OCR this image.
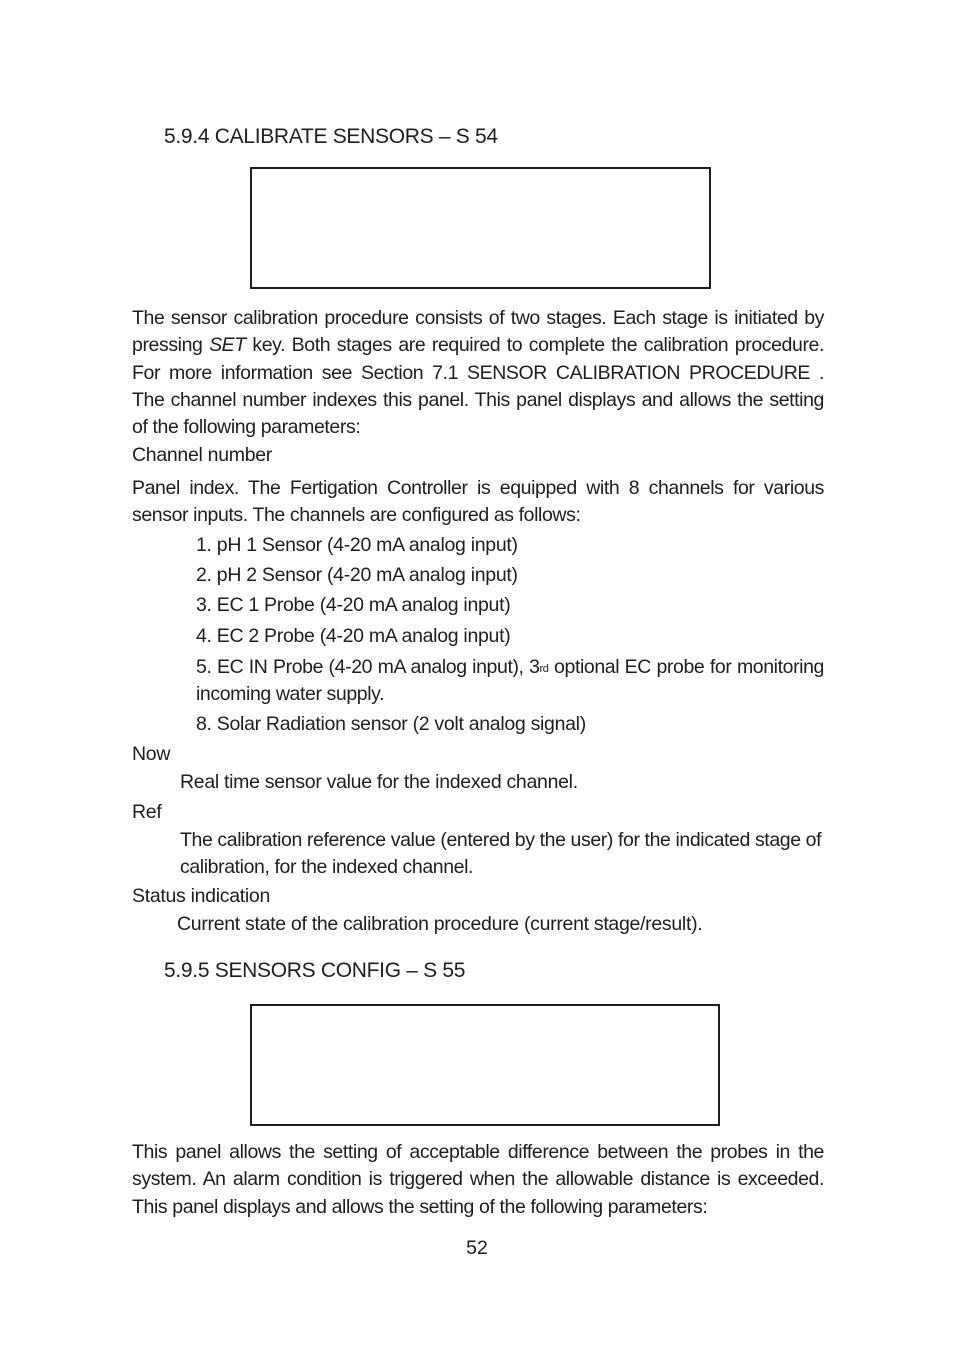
5.9.4 CALIBRATE SENSORS – S 54
The sensor calibration procedure consists of two stages. Each stage is initiated by pressing SET key. Both stages are required to complete the calibration procedure. For more information see Section 7.1 SENSOR CALIBRATION PROCEDURE . The channel number indexes this panel. This panel displays and allows the setting of the following parameters:
Channel number
Panel index. The Fertigation Controller is equipped with 8 channels for various sensor inputs. The channels are configured as follows:
1. pH 1 Sensor (4-20 mA analog input)
2. pH 2 Sensor (4-20 mA analog input)
3. EC 1 Probe (4-20 mA analog input)
4. EC 2 Probe (4-20 mA analog input)
5. EC IN Probe (4-20 mA analog input), 3rd optional EC probe for monitoring incoming water supply.
8. Solar Radiation sensor (2 volt analog signal)
Now
Real time sensor value for the indexed channel.
Ref
The calibration reference value (entered by the user) for the indicated stage of calibration, for the indexed channel.
Status indication
Current state of the calibration procedure (current stage/result).
5.9.5 SENSORS CONFIG – S 55
This panel allows the setting of acceptable difference between the probes in the system. An alarm condition is triggered when the allowable distance is exceeded. This panel displays and allows the setting of the following parameters:
52
